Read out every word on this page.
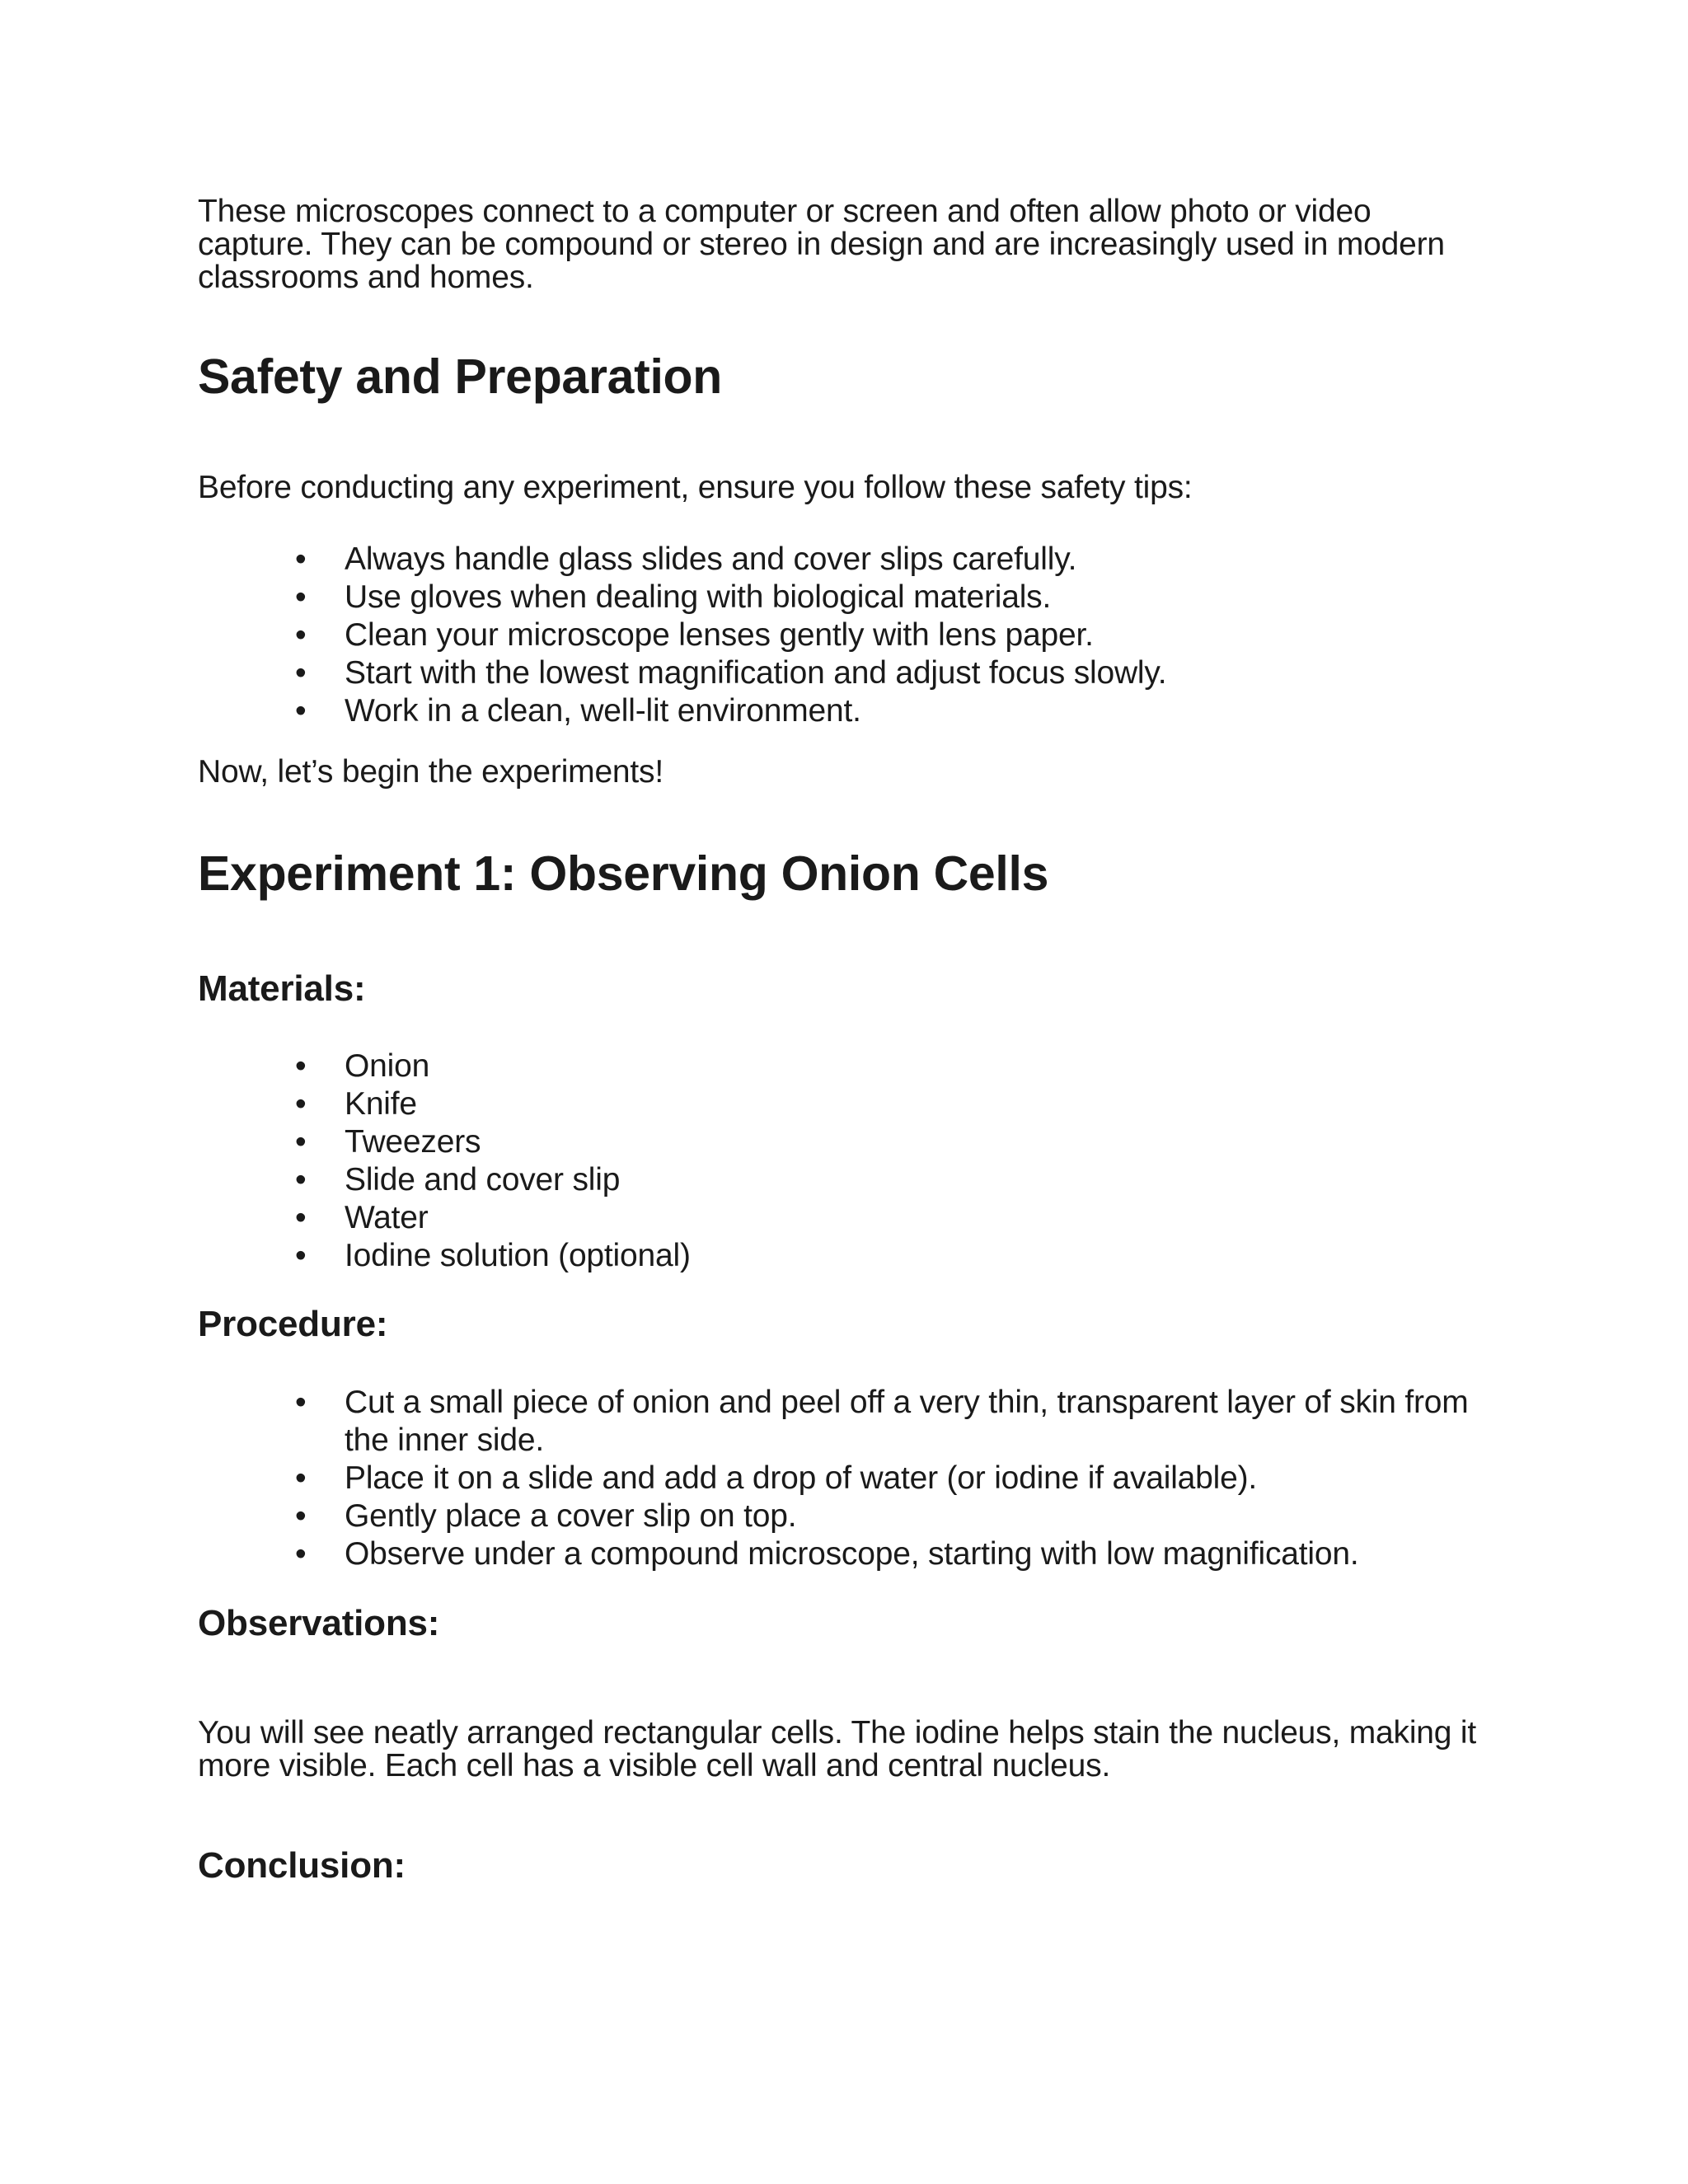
These microscopes connect to a computer or screen and often allow photo or video capture. They can be compound or stereo in design and are increasingly used in modern classrooms and homes.

Safety and Preparation

Before conducting any experiment, ensure you follow these safety tips:

• Always handle glass slides and cover slips carefully.
• Use gloves when dealing with biological materials.
• Clean your microscope lenses gently with lens paper.
• Start with the lowest magnification and adjust focus slowly.
• Work in a clean, well-lit environment.

Now, let’s begin the experiments!

Experiment 1: Observing Onion Cells
Materials:
• Onion
• Knife
• Tweezers
• Slide and cover slip
• Water
• Iodine solution (optional)
Procedure:
• Cut a small piece of onion and peel off a very thin, transparent layer of skin from the inner side.
• Place it on a slide and add a drop of water (or iodine if available).
• Gently place a cover slip on top.
• Observe under a compound microscope, starting with low magnification.
Observations:

You will see neatly arranged rectangular cells. The iodine helps stain the nucleus, making it more visible. Each cell has a visible cell wall and central nucleus.

Conclusion:
